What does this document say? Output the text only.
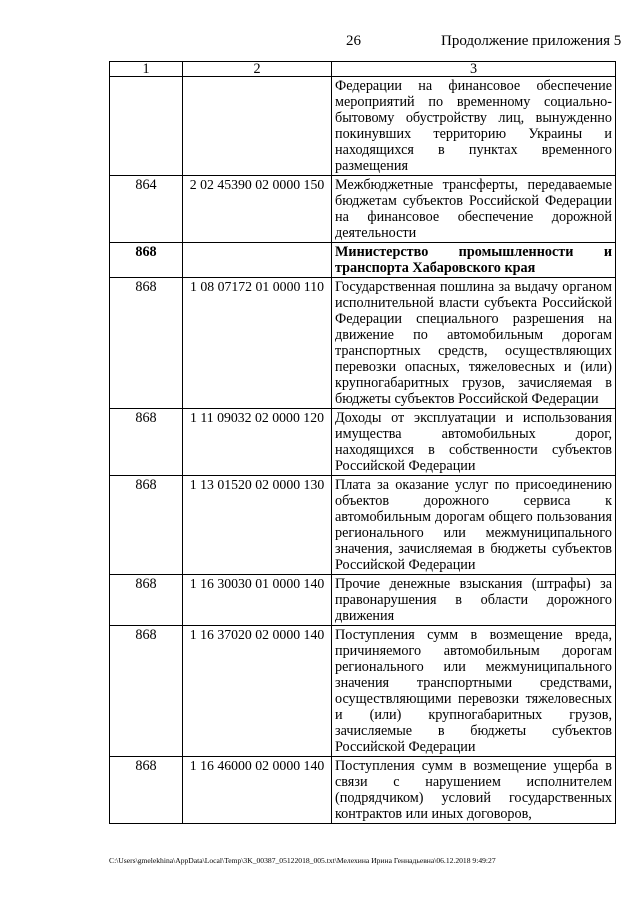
26	Продолжение приложения 5
1	2	3
		Федерации на финансовое обеспечение мероприятий по временному социально-бытовому обустройству лиц, вынужденно покинувших территорию Украины и находящихся в пунктах временного размещения
864	2 02 45390 02 0000 150	Межбюджетные трансферты, передаваемые бюджетам субъектов Российской Федерации на финансовое обеспечение дорожной деятельности
868		Министерство промышленности и транспорта Хабаровского края
868	1 08 07172 01 0000 110	Государственная пошлина за выдачу органом исполнительной власти субъекта Российской Федерации специального разрешения на движение по автомобильным дорогам транспортных средств, осуществляющих перевозки опасных, тяжеловесных и (или) крупногабаритных грузов, зачисляемая в бюджеты субъектов Российской Федерации
868	1 11 09032 02 0000 120	Доходы от эксплуатации и использования имущества автомобильных дорог, находящихся в собственности субъектов Российской Федерации
868	1 13 01520 02 0000 130	Плата за оказание услуг по присоединению объектов дорожного сервиса к автомобильным дорогам общего пользования регионального или межмуниципального значения, зачисляемая в бюджеты субъектов Российской Федерации
868	1 16 30030 01 0000 140	Прочие денежные взыскания (штрафы) за правонарушения в области дорожного движения
868	1 16 37020 02 0000 140	Поступления сумм в возмещение вреда, причиняемого автомобильным дорогам регионального или межмуниципального значения транспортными средствами, осуществляющими перевозки тяжеловесных и (или) крупногабаритных грузов, зачисляемые в бюджеты субъектов Российской Федерации
868	1 16 46000 02 0000 140	Поступления сумм в возмещение ущерба в связи с нарушением исполнителем (подрядчиком) условий государственных контрактов или иных договоров,
C:\Users\gmelekhina\AppData\Local\Temp\3K_00387_05122018_005.txt\Мелехина Ирина Геннадьевна\06.12.2018 9:49:27
